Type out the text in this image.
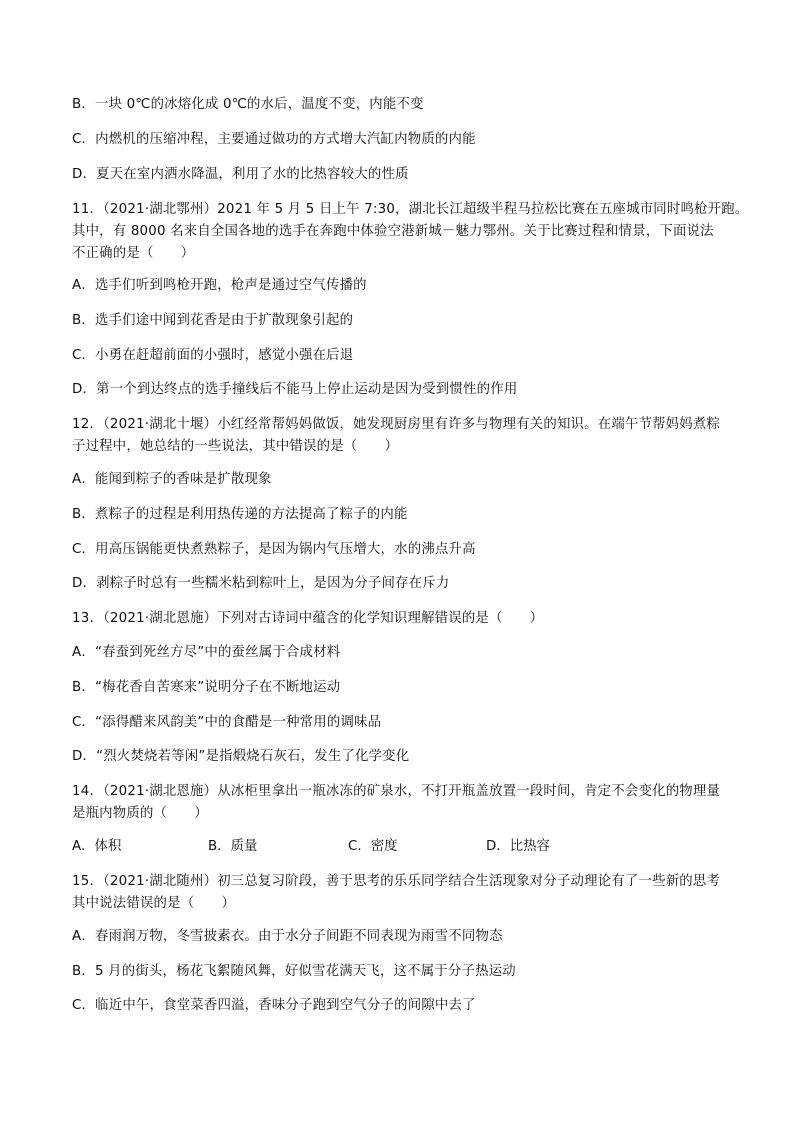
B．一块 0℃的冰熔化成 0℃的水后，温度不变，内能不变
C．内燃机的压缩冲程，主要通过做功的方式增大汽缸内物质的内能
D．夏天在室内洒水降温，利用了水的比热容较大的性质
11．（2021·湖北鄂州）2021 年 5 月 5 日上午 7:30，湖北长江超级半程马拉松比赛在五座城市同时鸣枪开跑。
其中，有 8000 名来自全国各地的选手在奔跑中体验空港新城－魅力鄂州。关于比赛过程和情景，下面说法
不正确的是（　　）
A．选手们听到鸣枪开跑，枪声是通过空气传播的
B．选手们途中闻到花香是由于扩散现象引起的
C．小勇在赶超前面的小强时，感觉小强在后退
D．第一个到达终点的选手撞线后不能马上停止运动是因为受到惯性的作用
12．（2021·湖北十堰）小红经常帮妈妈做饭，她发现厨房里有许多与物理有关的知识。在端午节帮妈妈煮粽
子过程中，她总结的一些说法，其中错误的是（　　）
A．能闻到粽子的香味是扩散现象
B．煮粽子的过程是利用热传递的方法提高了粽子的内能
C．用高压锅能更快煮熟粽子，是因为锅内气压增大，水的沸点升高
D．剥粽子时总有一些糯米粘到粽叶上，是因为分子间存在斥力
13．（2021·湖北恩施）下列对古诗词中蕴含的化学知识理解错误的是（　　）
A．“春蚕到死丝方尽”中的蚕丝属于合成材料
B．“梅花香自苦寒来”说明分子在不断地运动
C．“添得醋来风韵美”中的食醋是一种常用的调味品
D．“烈火焚烧若等闲”是指煅烧石灰石，发生了化学变化
14．（2021·湖北恩施）从冰柜里拿出一瓶冰冻的矿泉水，不打开瓶盖放置一段时间，肯定不会变化的物理量
是瓶内物质的（　　）
A．体积	B．质量	C．密度	D．比热容
15．（2021·湖北随州）初三总复习阶段，善于思考的乐乐同学结合生活现象对分子动理论有了一些新的思考
其中说法错误的是（　　）
A．春雨润万物，冬雪披素衣。由于水分子间距不同表现为雨雪不同物态
B．5 月的街头，杨花飞絮随风舞，好似雪花满天飞，这不属于分子热运动
C．临近中午，食堂菜香四溢，香味分子跑到空气分子的间隙中去了
